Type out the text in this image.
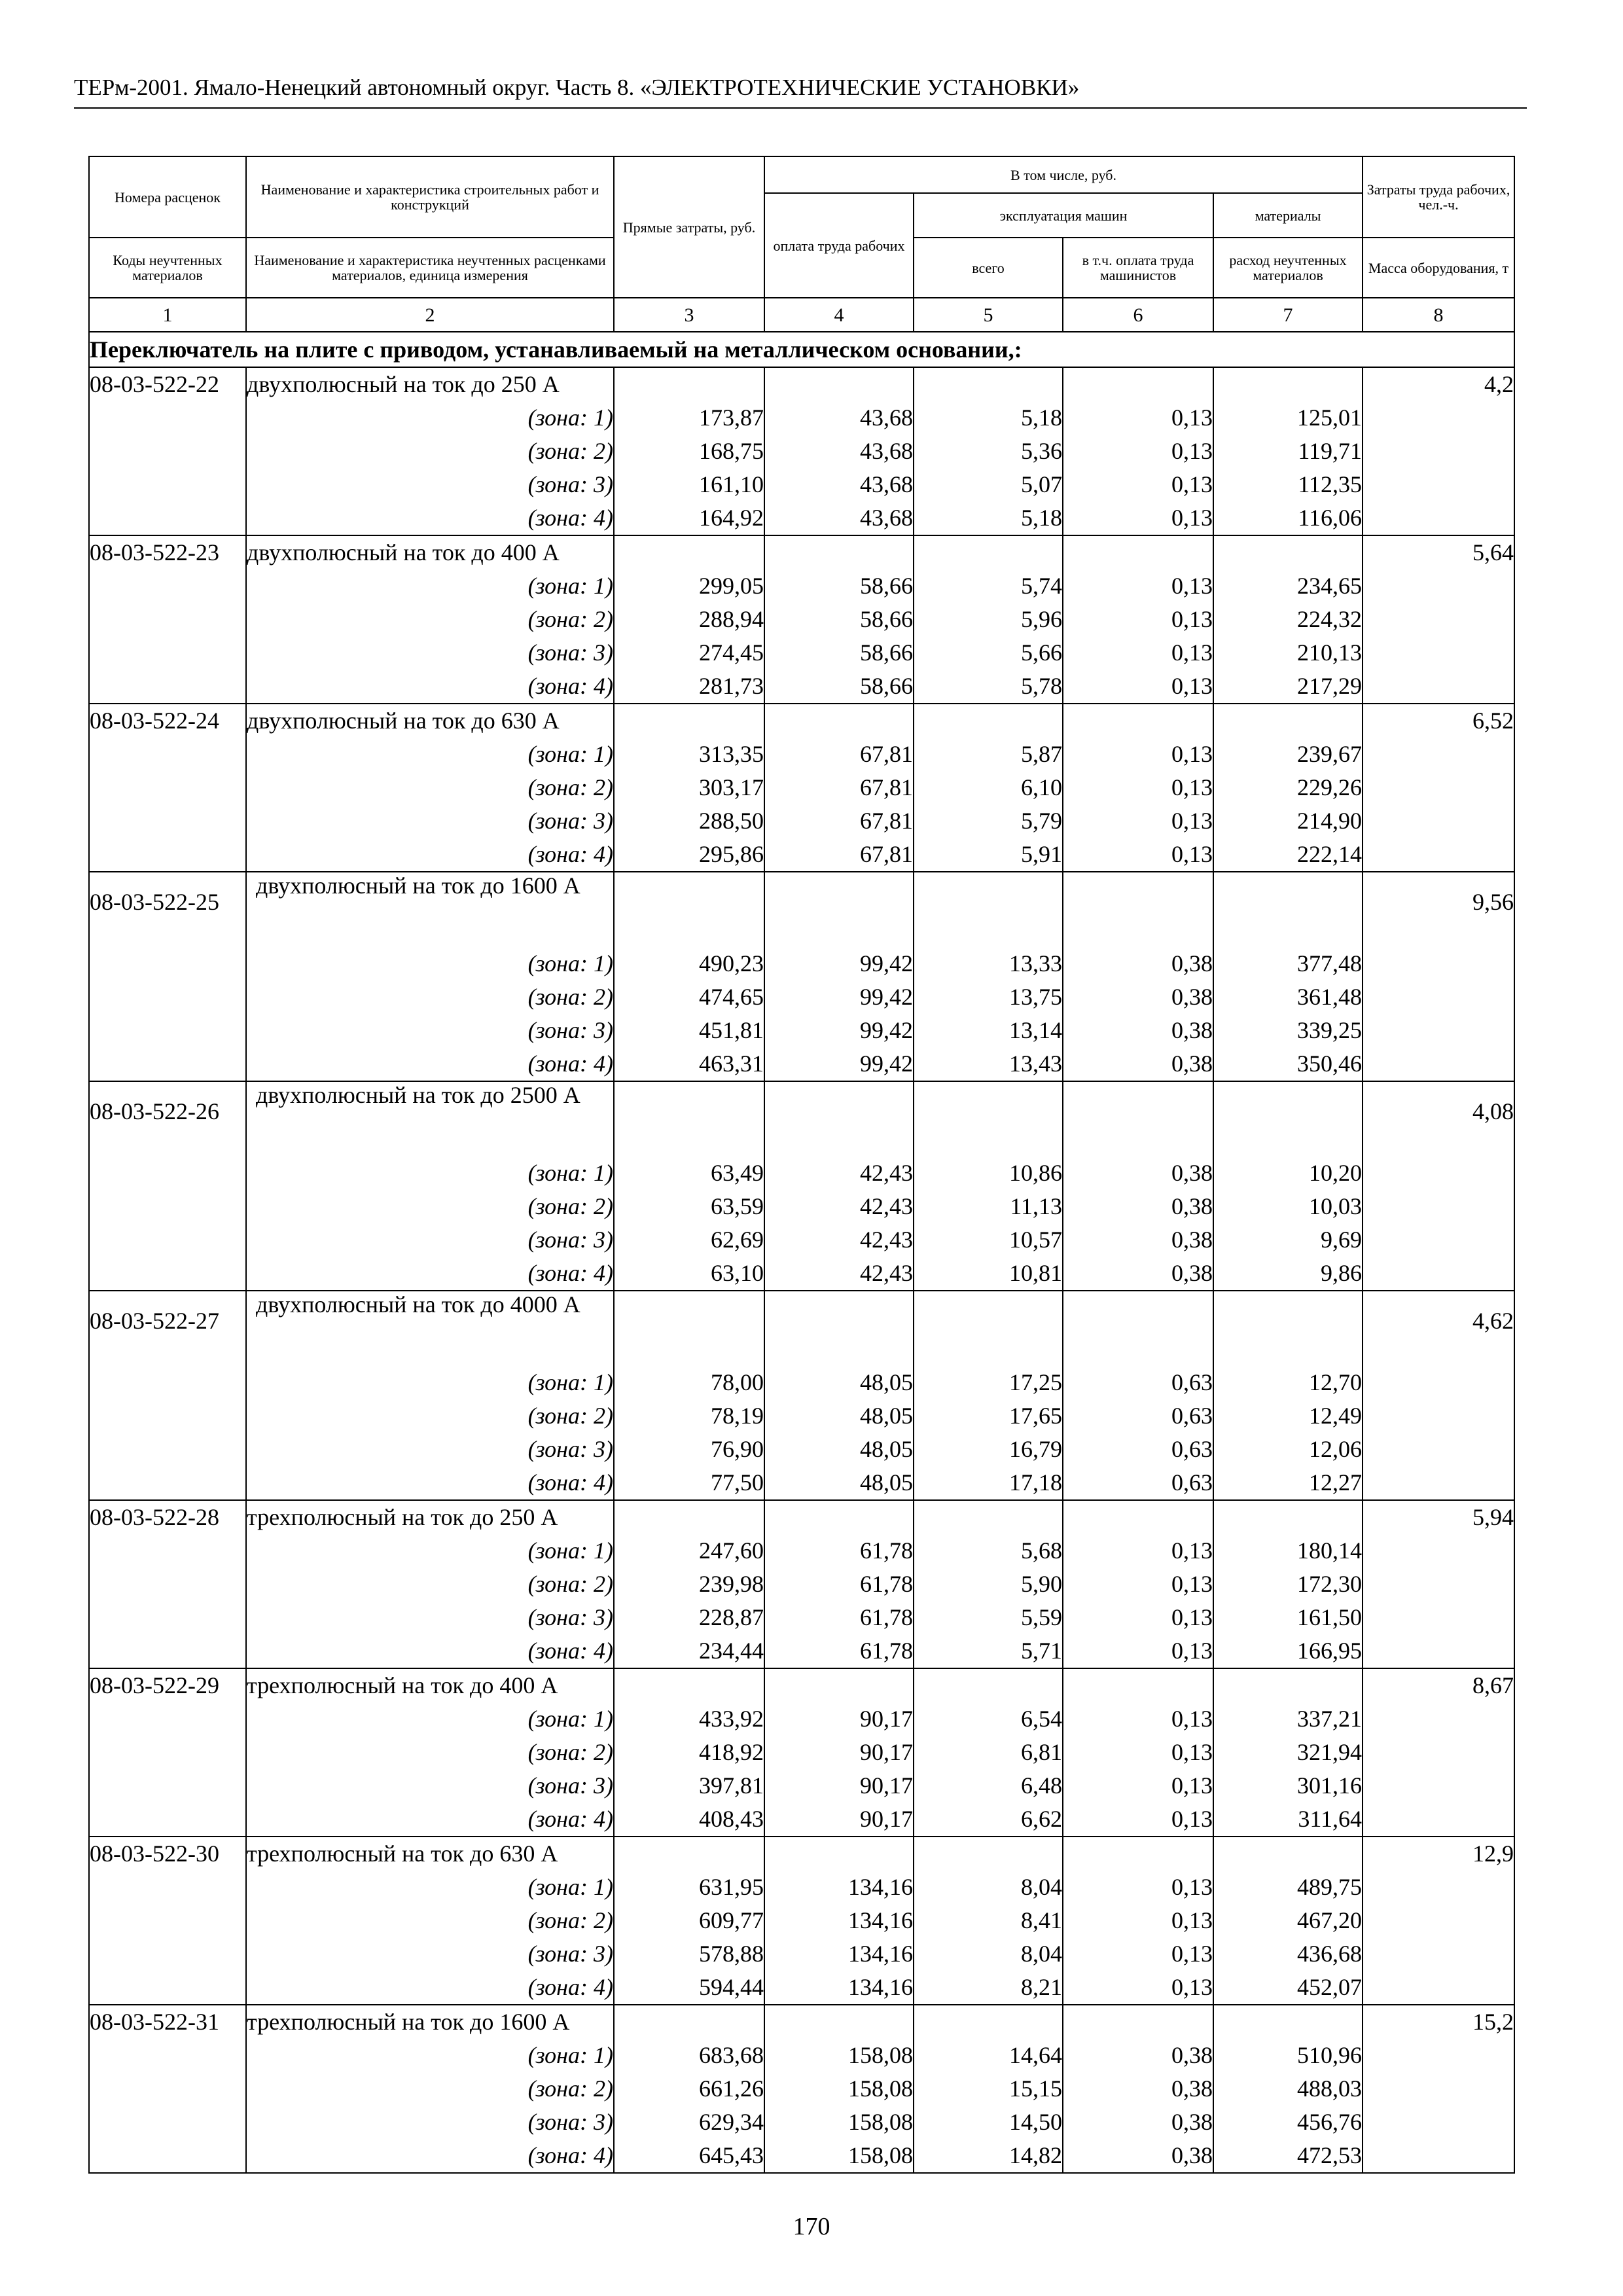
ТЕРм-2001. Ямало-Ненецкий автономный округ. Часть 8. «ЭЛЕКТРОТЕХНИЧЕСКИЕ УСТАНОВКИ»
Номера расценок	Наименование и характеристика строительных работ и конструкций	Прямые затраты, руб.	В том числе, руб.				Затраты труда рабочих, чел.-ч.
			оплата труда рабочих	эксплуатация машин		материалы	
Коды неучтенных материалов	Наименование и характеристика неучтенных расценками материалов, единица измерения			всего	в т.ч. оплата труда машинистов	расход неучтенных материалов	Масса оборудования, т
1	2	3	4	5	6	7	8
Переключатель на плите с приводом, устанавливаемый на металлическом основании,:							
08-03-522-22	двухполюсный на ток до 250 А						4,2
	(зона: 1)	173,87	43,68	5,18	0,13	125,01	
	(зона: 2)	168,75	43,68	5,36	0,13	119,71	
	(зона: 3)	161,10	43,68	5,07	0,13	112,35	
	(зона: 4)	164,92	43,68	5,18	0,13	116,06	
08-03-522-23	двухполюсный на ток до 400 А						5,64
	(зона: 1)	299,05	58,66	5,74	0,13	234,65	
	(зона: 2)	288,94	58,66	5,96	0,13	224,32	
	(зона: 3)	274,45	58,66	5,66	0,13	210,13	
	(зона: 4)	281,73	58,66	5,78	0,13	217,29	
08-03-522-24	двухполюсный на ток до 630 А						6,52
	(зона: 1)	313,35	67,81	5,87	0,13	239,67	
	(зона: 2)	303,17	67,81	6,10	0,13	229,26	
	(зона: 3)	288,50	67,81	5,79	0,13	214,90	
	(зона: 4)	295,86	67,81	5,91	0,13	222,14	
08-03-522-25	двухполюсный на ток до 1600 А						9,56
	(зона: 1)	490,23	99,42	13,33	0,38	377,48	
	(зона: 2)	474,65	99,42	13,75	0,38	361,48	
	(зона: 3)	451,81	99,42	13,14	0,38	339,25	
	(зона: 4)	463,31	99,42	13,43	0,38	350,46	
08-03-522-26	двухполюсный на ток до 2500 А						4,08
	(зона: 1)	63,49	42,43	10,86	0,38	10,20	
	(зона: 2)	63,59	42,43	11,13	0,38	10,03	
	(зона: 3)	62,69	42,43	10,57	0,38	9,69	
	(зона: 4)	63,10	42,43	10,81	0,38	9,86	
08-03-522-27	двухполюсный на ток до 4000 А						4,62
	(зона: 1)	78,00	48,05	17,25	0,63	12,70	
	(зона: 2)	78,19	48,05	17,65	0,63	12,49	
	(зона: 3)	76,90	48,05	16,79	0,63	12,06	
	(зона: 4)	77,50	48,05	17,18	0,63	12,27	
08-03-522-28	трехполюсный на ток до 250 А						5,94
	(зона: 1)	247,60	61,78	5,68	0,13	180,14	
	(зона: 2)	239,98	61,78	5,90	0,13	172,30	
	(зона: 3)	228,87	61,78	5,59	0,13	161,50	
	(зона: 4)	234,44	61,78	5,71	0,13	166,95	
08-03-522-29	трехполюсный на ток до 400 А						8,67
	(зона: 1)	433,92	90,17	6,54	0,13	337,21	
	(зона: 2)	418,92	90,17	6,81	0,13	321,94	
	(зона: 3)	397,81	90,17	6,48	0,13	301,16	
	(зона: 4)	408,43	90,17	6,62	0,13	311,64	
08-03-522-30	трехполюсный на ток до 630 А						12,9
	(зона: 1)	631,95	134,16	8,04	0,13	489,75	
	(зона: 2)	609,77	134,16	8,41	0,13	467,20	
	(зона: 3)	578,88	134,16	8,04	0,13	436,68	
	(зона: 4)	594,44	134,16	8,21	0,13	452,07	
08-03-522-31	трехполюсный на ток до 1600 А						15,2
	(зона: 1)	683,68	158,08	14,64	0,38	510,96	
	(зона: 2)	661,26	158,08	15,15	0,38	488,03	
	(зона: 3)	629,34	158,08	14,50	0,38	456,76	
	(зона: 4)	645,43	158,08	14,82	0,38	472,53	
170
